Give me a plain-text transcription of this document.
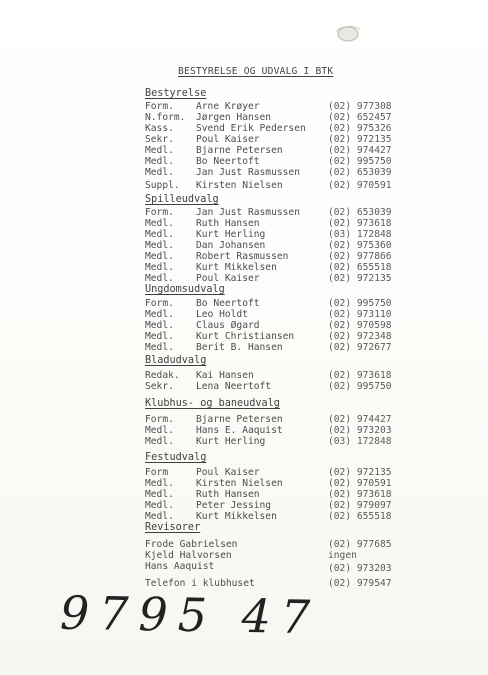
BESTYRELSE OG UDVALG I BTK
Bestyrelse
Form. Arne Krøyer	(02) 977308
N.form. Jørgen Hansen	(02) 652457
Kass. Svend Erik Pedersen (02) 975326
Sekr. Poul Kaiser	(02) 972135
Medl. Bjarne Petersen	(02) 974427
Medl. Bo Neertoft	(02) 995750
Medl. Jan Just Rasmussen	(02) 653039
Suppl. Kirsten Nielsen	(02) 970591
Spilleudvalg
Form. Jan Just Rasmussen	(02) 653039
Medl. Ruth Hansen	(02) 973618
Medl. Kurt Herling	(03) 172848
Medl. Dan Johansen	(02) 975360
Medl. Robert Rasmussen	(02) 977866
Medl. Kurt Mikkelsen	(02) 655518
Medl. Poul Kaiser	(02) 972135
Ungdomsudvalg
Form. Bo Neertoft	(02) 995750
Medl. Leo Holdt	(02) 973110
Medl. Claus Øgard	(02) 970598
Medl. Kurt Christiansen	(02) 972348
Medl. Berit B. Hansen	(02) 972677
Bladudvalg
Redak. Kai Hansen	(02) 973618
Sekr. Lena Neertoft	(02) 995750
Klubhus- og baneudvalg
Form. Bjarne Petersen	(02) 974427
Medl. Hans E. Aaquist	(02) 973203
Medl. Kurt Herling	(03) 172848
Festudvalg
Form	Poul Kaiser	(02) 972135
Medl. Kirsten Nielsen	(02) 970591
Medl. Ruth Hansen	(02) 973618
Medl. Peter Jessing	(02) 979097
Medl. Kurt Mikkelsen	(02) 655518
Revisorer
Frode Gabrielsen	(02) 977685
Kjeld Halvorsen	ingen
Hans Aaquist	(02) 973203
Telefon i klubhuset	(02) 979547
9795 47
